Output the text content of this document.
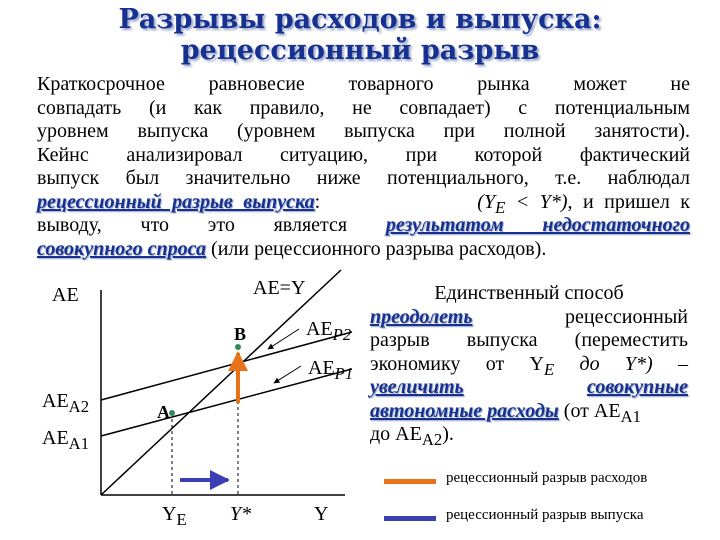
Разрывы расходов и выпуска:
рецессионный разрыв
Краткосрочное равновесие товарного рынка может не
совпадать (и как правило, не совпадает) с потенциальным
уровнем выпуска (уровнем выпуска при полной занятости).
Кейнс анализировал ситуацию, при которой фактический
выпуск был значительно ниже потенциального, т.е. наблюдал
рецессионный разрыв выпуска:	$(Y_E < Y*)$, и пришел к
выводу, что это является результатом недостаточного
совокупного спроса (или рецессионного разрыва расходов).
Единственный способ
преодолеть	рецессионный
разрыв выпуска (переместить
экономику от $Y_E$ до Y*) –
увеличить	совокупные
автономные расходы (от $AE_{A1}$
до $AE_{A2}$).
AE	AE=Y
$AE_{P2}$
$AE_{P1}$
$AE_{A2}$
$AE_{A1}$
A
B
$Y_E$ Y*	Y
рецессионный разрыв расходов
рецессионный разрыв выпуска
